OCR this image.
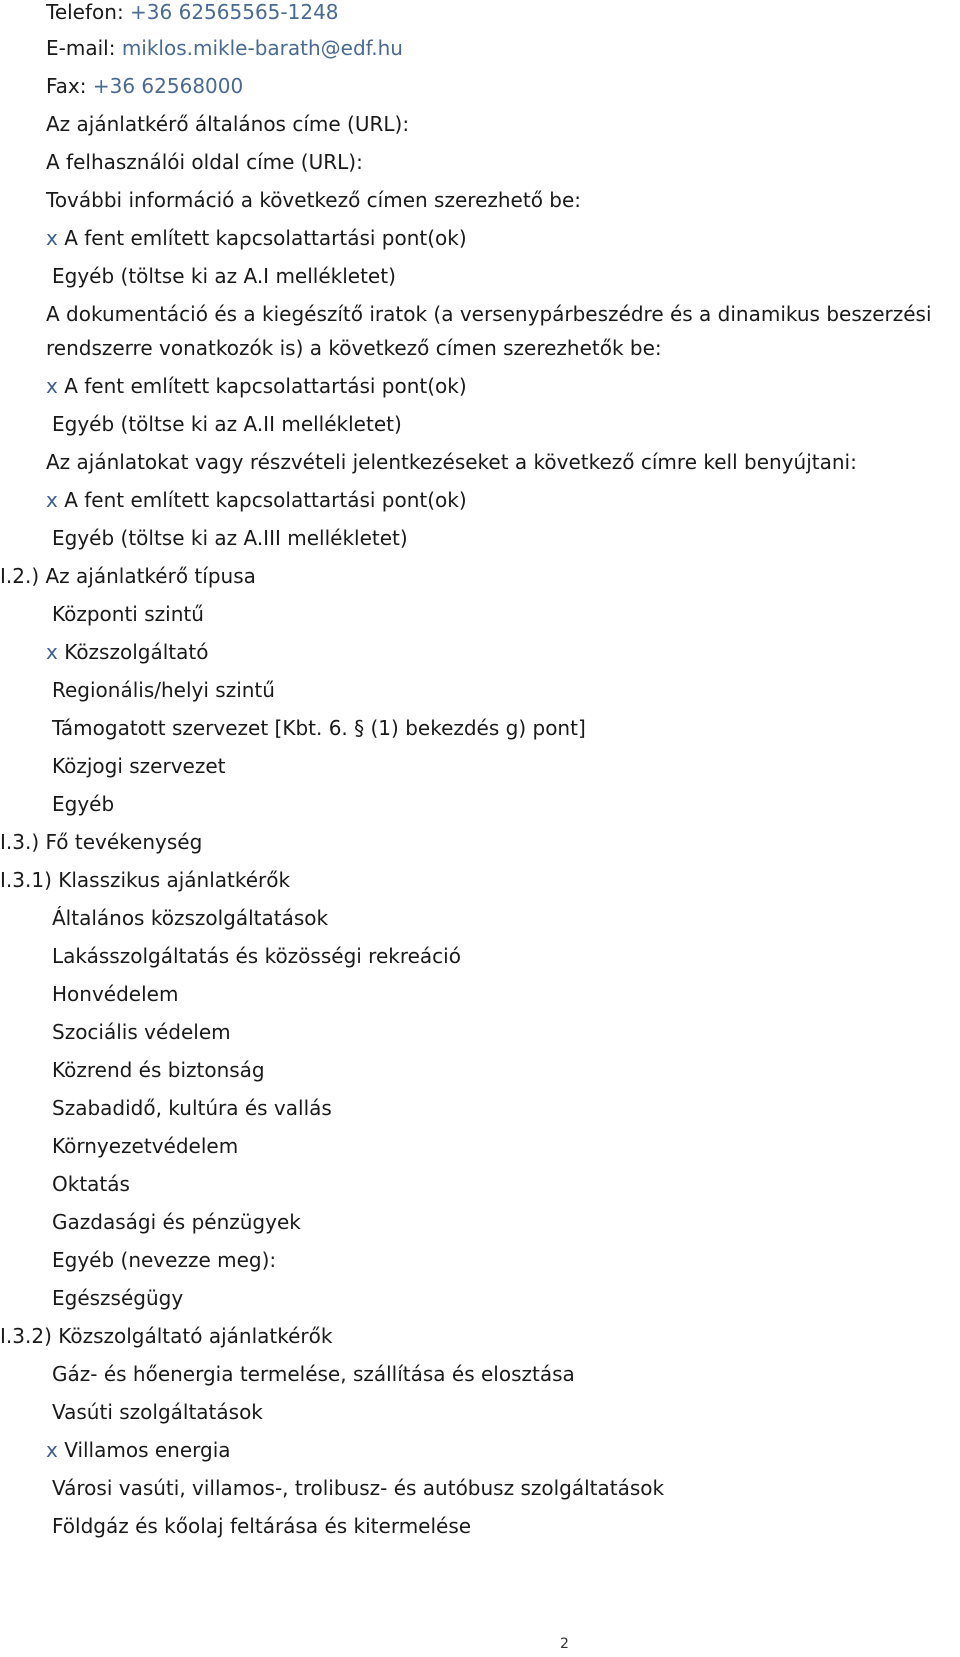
Telefon: +36 62565565-1248
E-mail: miklos.mikle-barath@edf.hu
Fax: +36 62568000
Az ajánlatkérő általános címe (URL):
A felhasználói oldal címe (URL):
További információ a következő címen szerezhető be:
x A fent említett kapcsolattartási pont(ok)
Egyéb (töltse ki az A.I mellékletet)
A dokumentáció és a kiegészítő iratok (a versenypárbeszédre és a dinamikus beszerzési
rendszerre vonatkozók is) a következő címen szerezhetők be:
x A fent említett kapcsolattartási pont(ok)
Egyéb (töltse ki az A.II mellékletet)
Az ajánlatokat vagy részvételi jelentkezéseket a következő címre kell benyújtani:
x A fent említett kapcsolattartási pont(ok)
Egyéb (töltse ki az A.III mellékletet)
I.2.) Az ajánlatkérő típusa
Központi szintű
x Közszolgáltató
Regionális/helyi szintű
Támogatott szervezet [Kbt. 6. § (1) bekezdés g) pont]
Közjogi szervezet
Egyéb
I.3.) Fő tevékenység
I.3.1) Klasszikus ajánlatkérők
Általános közszolgáltatások
Lakásszolgáltatás és közösségi rekreáció
Honvédelem
Szociális védelem
Közrend és biztonság
Szabadidő, kultúra és vallás
Környezetvédelem
Oktatás
Gazdasági és pénzügyek
Egyéb (nevezze meg):
Egészségügy
I.3.2) Közszolgáltató ajánlatkérők
Gáz- és hőenergia termelése, szállítása és elosztása
Vasúti szolgáltatások
x Villamos energia
Városi vasúti, villamos-, trolibusz- és autóbusz szolgáltatások
Földgáz és kőolaj feltárása és kitermelése
2
